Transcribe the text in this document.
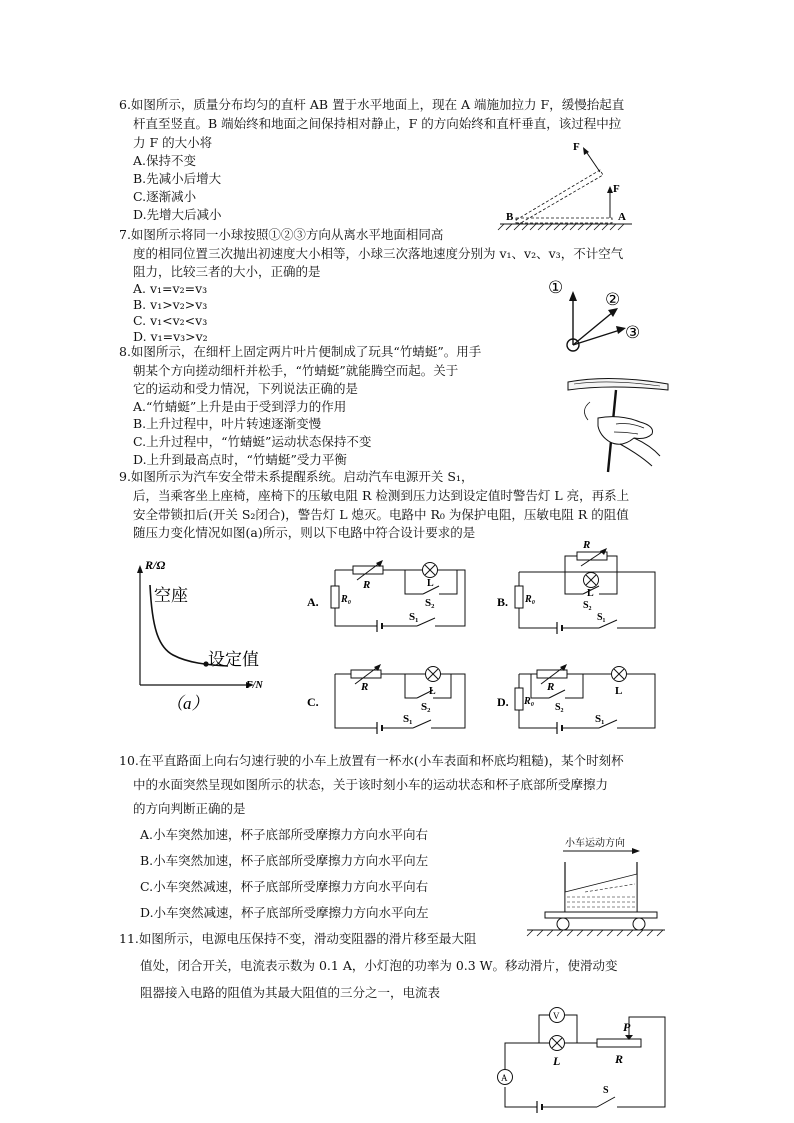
6.如图所示，质量分布均匀的直杆 AB 置于水平地面上，现在 A 端施加拉力 F，缓慢抬起直
杆直至竖直。B 端始终和地面之间保持相对静止，F 的方向始终和直杆垂直，该过程中拉
力 F 的大小将
A.保持不变
B.先减小后增大
C.逐渐减小
D.先增大后减小
F
F
B	A
7.如图所示将同一小球按照①②③方向从离水平地面相同高
度的相同位置三次抛出初速度大小相等，小球三次落地速度分别为 v₁、v₂、v₃，不计空气
阻力，比较三者的大小，正确的是
A. v₁=v₂=v₃
B. v₁>v₂>v₃
C. v₁<v₂<v₃
D. v₁=v₃>v₂
①
②
③
8.如图所示，在细杆上固定两片叶片便制成了玩具“竹蜻蜓”。用手
朝某个方向搓动细杆并松手，“竹蜻蜓”就能腾空而起。关于
它的运动和受力情况，下列说法正确的是
A.“竹蜻蜓”上升是由于受到浮力的作用
B.上升过程中，叶片转速逐渐变慢
C.上升过程中，“竹蜻蜓”运动状态保持不变
D.上升到最高点时，“竹蜻蜓”受力平衡
9.如图所示为汽车安全带未系提醒系统。启动汽车电源开关 S₁，
后，当乘客坐上座椅，座椅下的压敏电阻 R 检测到压力达到设定值时警告灯 L 亮，再系上
安全带锁扣后(开关 S₂闭合)，警告灯 L 熄灭。电路中 R₀ 为保护电阻，压敏电阻 R 的阻值
随压力变化情况如图(a)所示，则以下电路中符合设计要求的是
R/Ω
F/N
空座
设定值
（a）
A.
R
R₀
L
S₂
S₁
B.
R
R₀
L
S₂
S₁
C.
R	L
S₂
S₁
D.
R
R₀
L
S₂
S₁
10.在平直路面上向右匀速行驶的小车上放置有一杯水(小车表面和杯底均粗糙)，某个时刻杯
中的水面突然呈现如图所示的状态，关于该时刻小车的运动状态和杯子底部所受摩擦力
的方向判断正确的是
A.小车突然加速，杯子底部所受摩擦力方向水平向右
B.小车突然加速，杯子底部所受摩擦力方向水平向左
C.小车突然减速，杯子底部所受摩擦力方向水平向右
D.小车突然减速，杯子底部所受摩擦力方向水平向左
小车运动方向
11.如图所示，电源电压保持不变，滑动变阻器的滑片移至最大阻
值处，闭合开关，电流表示数为 0.1 A，小灯泡的功率为 0.3 W。移动滑片，使滑动变
阻器接入电路的阻值为其最大阻值的三分之一，电流表
A
V
L
P
R
S
